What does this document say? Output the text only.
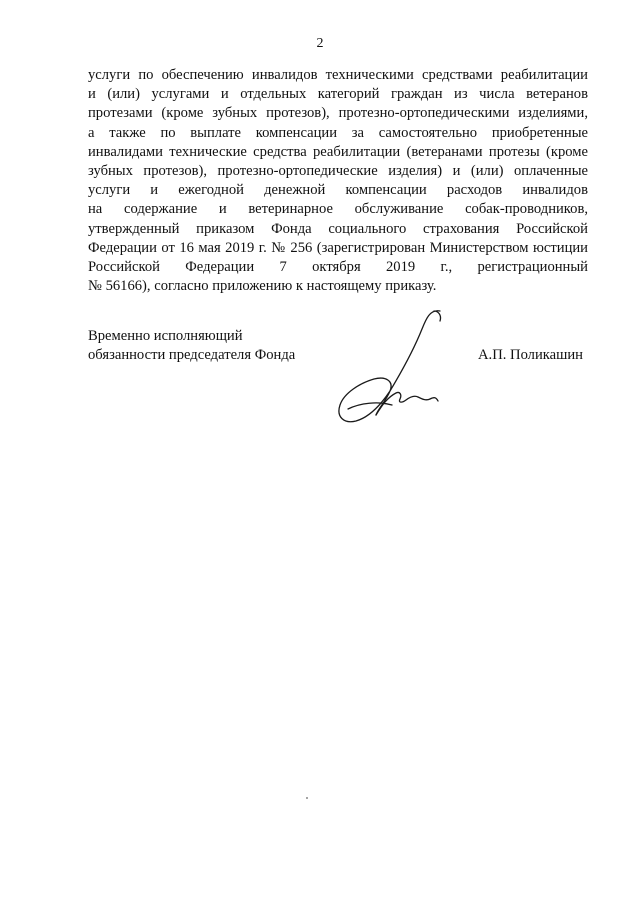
2
услуги по обеспечению инвалидов техническими средствами реабилитации
и (или) услугами и отдельных категорий граждан из числа ветеранов
протезами (кроме зубных протезов), протезно-ортопедическими изделиями,
а также по выплате компенсации за самостоятельно приобретенные
инвалидами технические средства реабилитации (ветеранами протезы (кроме
зубных протезов), протезно-ортопедические изделия) и (или) оплаченные
услуги и ежегодной денежной компенсации расходов инвалидов
на содержание и ветеринарное обслуживание собак-проводников,
утвержденный приказом Фонда социального страхования Российской
Федерации от 16 мая 2019 г. № 256 (зарегистрирован Министерством юстиции
Российской Федерации 7 октября 2019 г., регистрационный
№ 56166), согласно приложению к настоящему приказу.
Временно исполняющий
обязанности председателя Фонда	А.П. Поликашин
